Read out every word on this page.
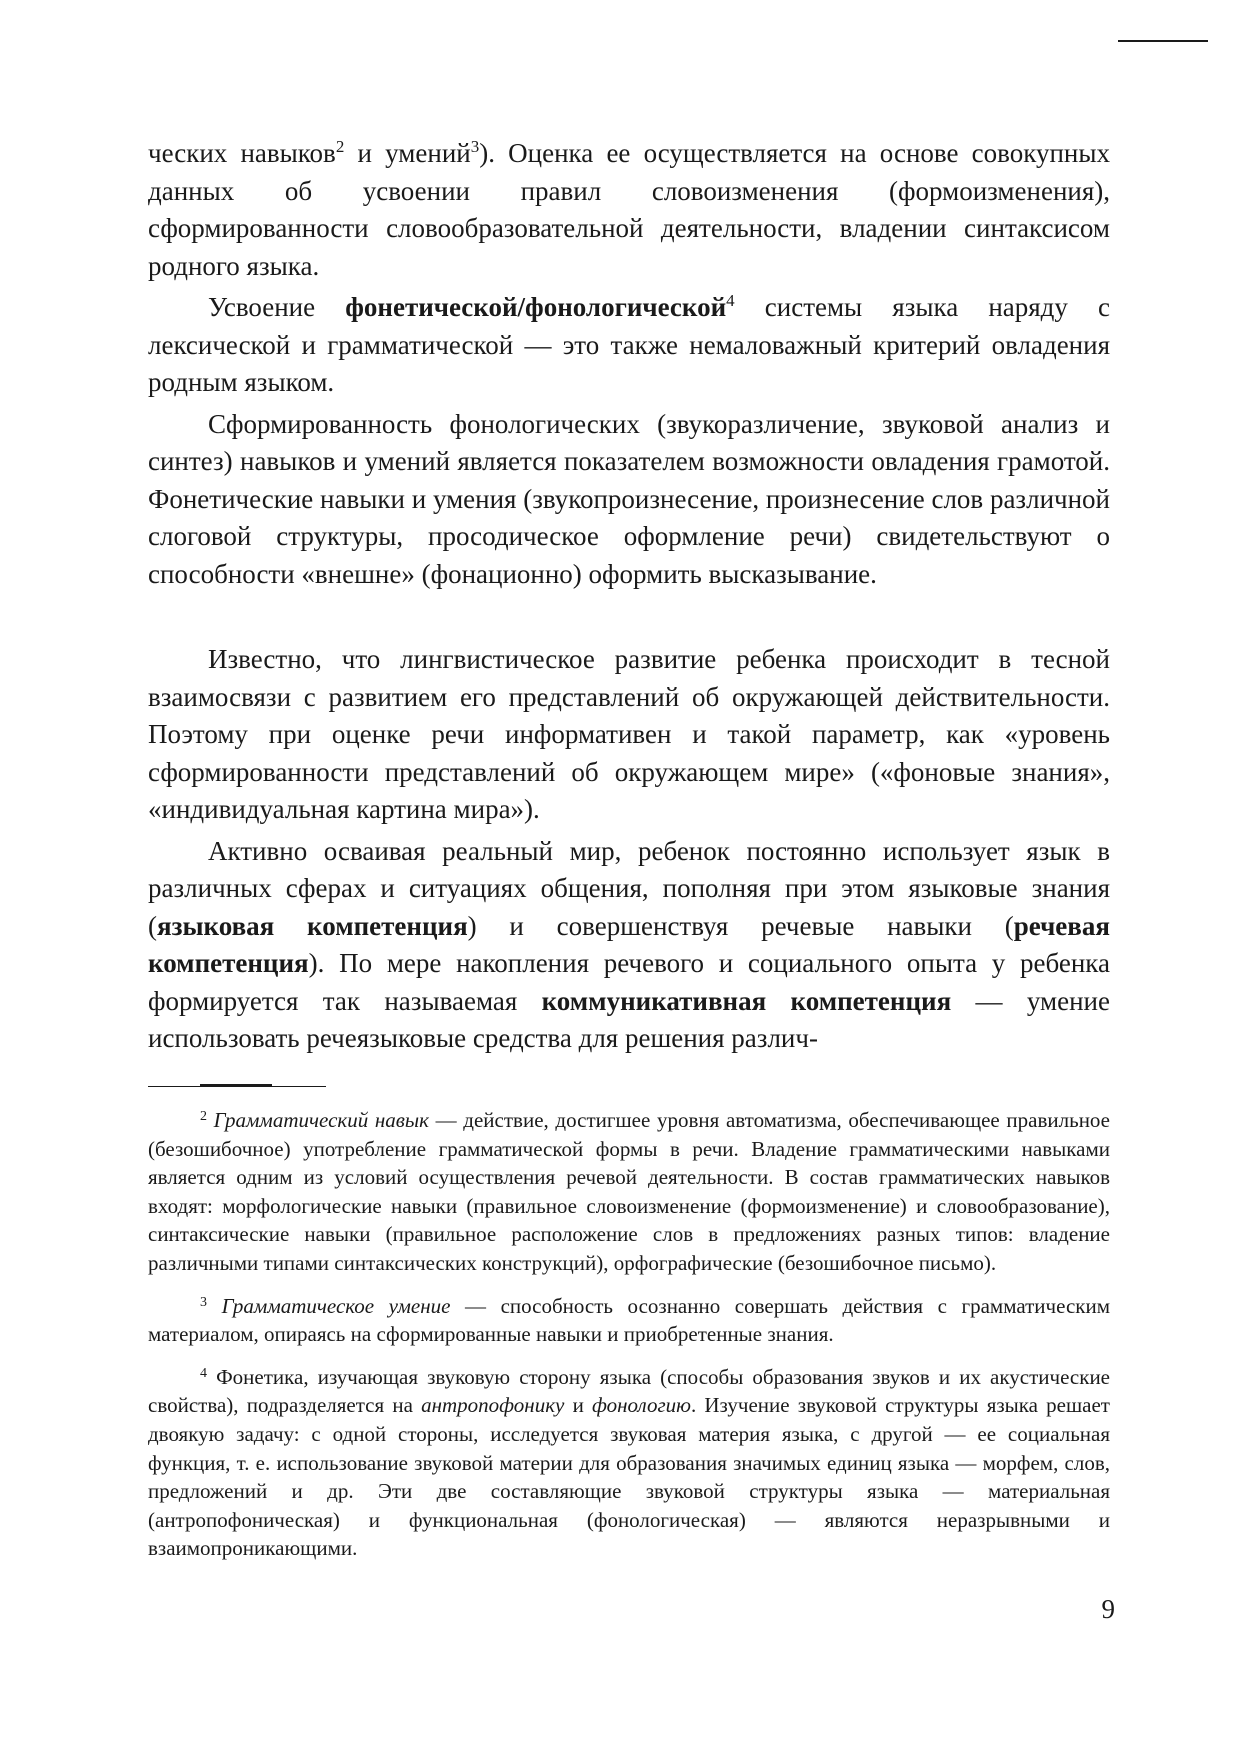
ческих навыков$^2$ и умений$^3$). Оценка ее осуществляется на основе совокупных данных об усвоении правил словоизменения (формоизменения), сформированности словообразовательной деятельности, владении синтаксисом родного языка.

Усвоение фонетической/фонологической$^4$ системы языка наряду с лексической и грамматической — это также немаловажный критерий овладения родным языком.

Сформированность фонологических (звукоразличение, звуковой анализ и синтез) навыков и умений является показателем возможности овладения грамотой. Фонетические навыки и умения (звукопроизнесение, произнесение слов различной слоговой структуры, просодическое оформление речи) свидетельствуют о способности «внешне» (фонационно) оформить высказывание.

Известно, что лингвистическое развитие ребенка происходит в тесной взаимосвязи с развитием его представлений об окружающей действительности. Поэтому при оценке речи информативен и такой параметр, как «уровень сформированности представлений об окружающем мире» («фоновые знания», «индивидуальная картина мира»).

Активно осваивая реальный мир, ребенок постоянно использует язык в различных сферах и ситуациях общения, пополняя при этом языковые знания (языковая компетенция) и совершенствуя речевые навыки (речевая компетенция). По мере накопления речевого и социального опыта у ребенка формируется так называемая коммуникативная компетенция — умение использовать речеязыковые средства для решения различ-

$^2$ Грамматический навык — действие, достигшее уровня автоматизма, обеспечивающее правильное (безошибочное) употребление грамматической формы в речи. Владение грамматическими навыками является одним из условий осуществления речевой деятельности. В состав грамматических навыков входят: морфологические навыки (правильное словоизменение (формоизменение) и словообразование), синтаксические навыки (правильное расположение слов в предложениях разных типов: владение различными типами синтаксических конструкций), орфографические (безошибочное письмо).

$^3$ Грамматическое умение — способность осознанно совершать действия с грамматическим материалом, опираясь на сформированные навыки и приобретенные знания.

$^4$ Фонетика, изучающая звуковую сторону языка (способы образования звуков и их акустические свойства), подразделяется на антропофонику и фонологию. Изучение звуковой структуры языка решает двоякую задачу: с одной стороны, исследуется звуковая материя языка, с другой — ее социальная функция, т. е. использование звуковой материи для образования значимых единиц языка — морфем, слов, предложений и др. Эти две составляющие звуковой структуры языка — материальная (антропофоническая) и функциональная (фонологическая) — являются неразрывными и взаимопроникающими.

9
